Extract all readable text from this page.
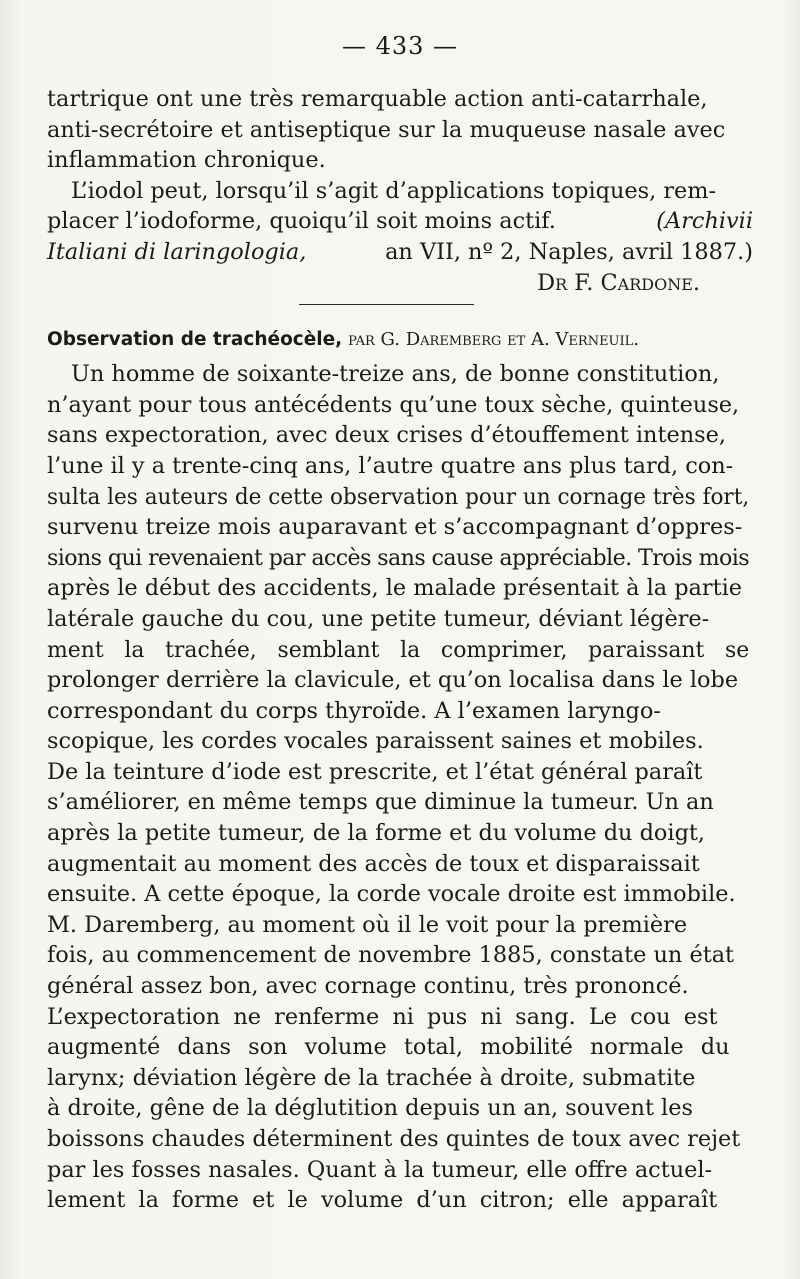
— 433 —
tartrique ont une très remarquable action anti-catarrhale,
anti-secrétoire et antiseptique sur la muqueuse nasale avec
inflammation chronique.
L’iodol peut, lorsqu’il s’agit d’applications topiques, rem-
placer l’iodoforme, quoiqu’il soit moins actif.	(Archivii
Italiani di laringologia,	an VII, nº 2, Naples, avril 1887.)
Dr F. Cardone.
Observation de trachéocèle, par G. Daremberg et A. Verneuil.
Un homme de soixante-treize ans, de bonne constitution,
n’ayant pour tous antécédents qu’une toux sèche, quinteuse,
sans expectoration, avec deux crises d’étouffement intense,
l’une il y a trente-cinq ans, l’autre quatre ans plus tard, con-
sulta les auteurs de cette observation pour un cornage très fort,
survenu treize mois auparavant et s’accompagnant d’oppres-
sions qui revenaient par accès sans cause appréciable. Trois mois
après le début des accidents, le malade présentait à la partie
latérale gauche du cou, une petite tumeur, déviant légère-
ment la trachée, semblant la comprimer, paraissant se
prolonger derrière la clavicule, et qu’on localisa dans le lobe
correspondant du corps thyroïde. A l’examen laryngo-
scopique, les cordes vocales paraissent saines et mobiles.
De la teinture d’iode est prescrite, et l’état général paraît
s’améliorer, en même temps que diminue la tumeur. Un an
après la petite tumeur, de la forme et du volume du doigt,
augmentait au moment des accès de toux et disparaissait
ensuite. A cette époque, la corde vocale droite est immobile.
M. Daremberg, au moment où il le voit pour la première
fois, au commencement de novembre 1885, constate un état
général assez bon, avec cornage continu, très prononcé.
L’expectoration ne renferme ni pus ni sang. Le cou est
augmenté dans son volume total, mobilité normale du
larynx; déviation légère de la trachée à droite, submatite
à droite, gêne de la déglutition depuis un an, souvent les
boissons chaudes déterminent des quintes de toux avec rejet
par les fosses nasales. Quant à la tumeur, elle offre actuel-
lement la forme et le volume d’un citron; elle apparaît
